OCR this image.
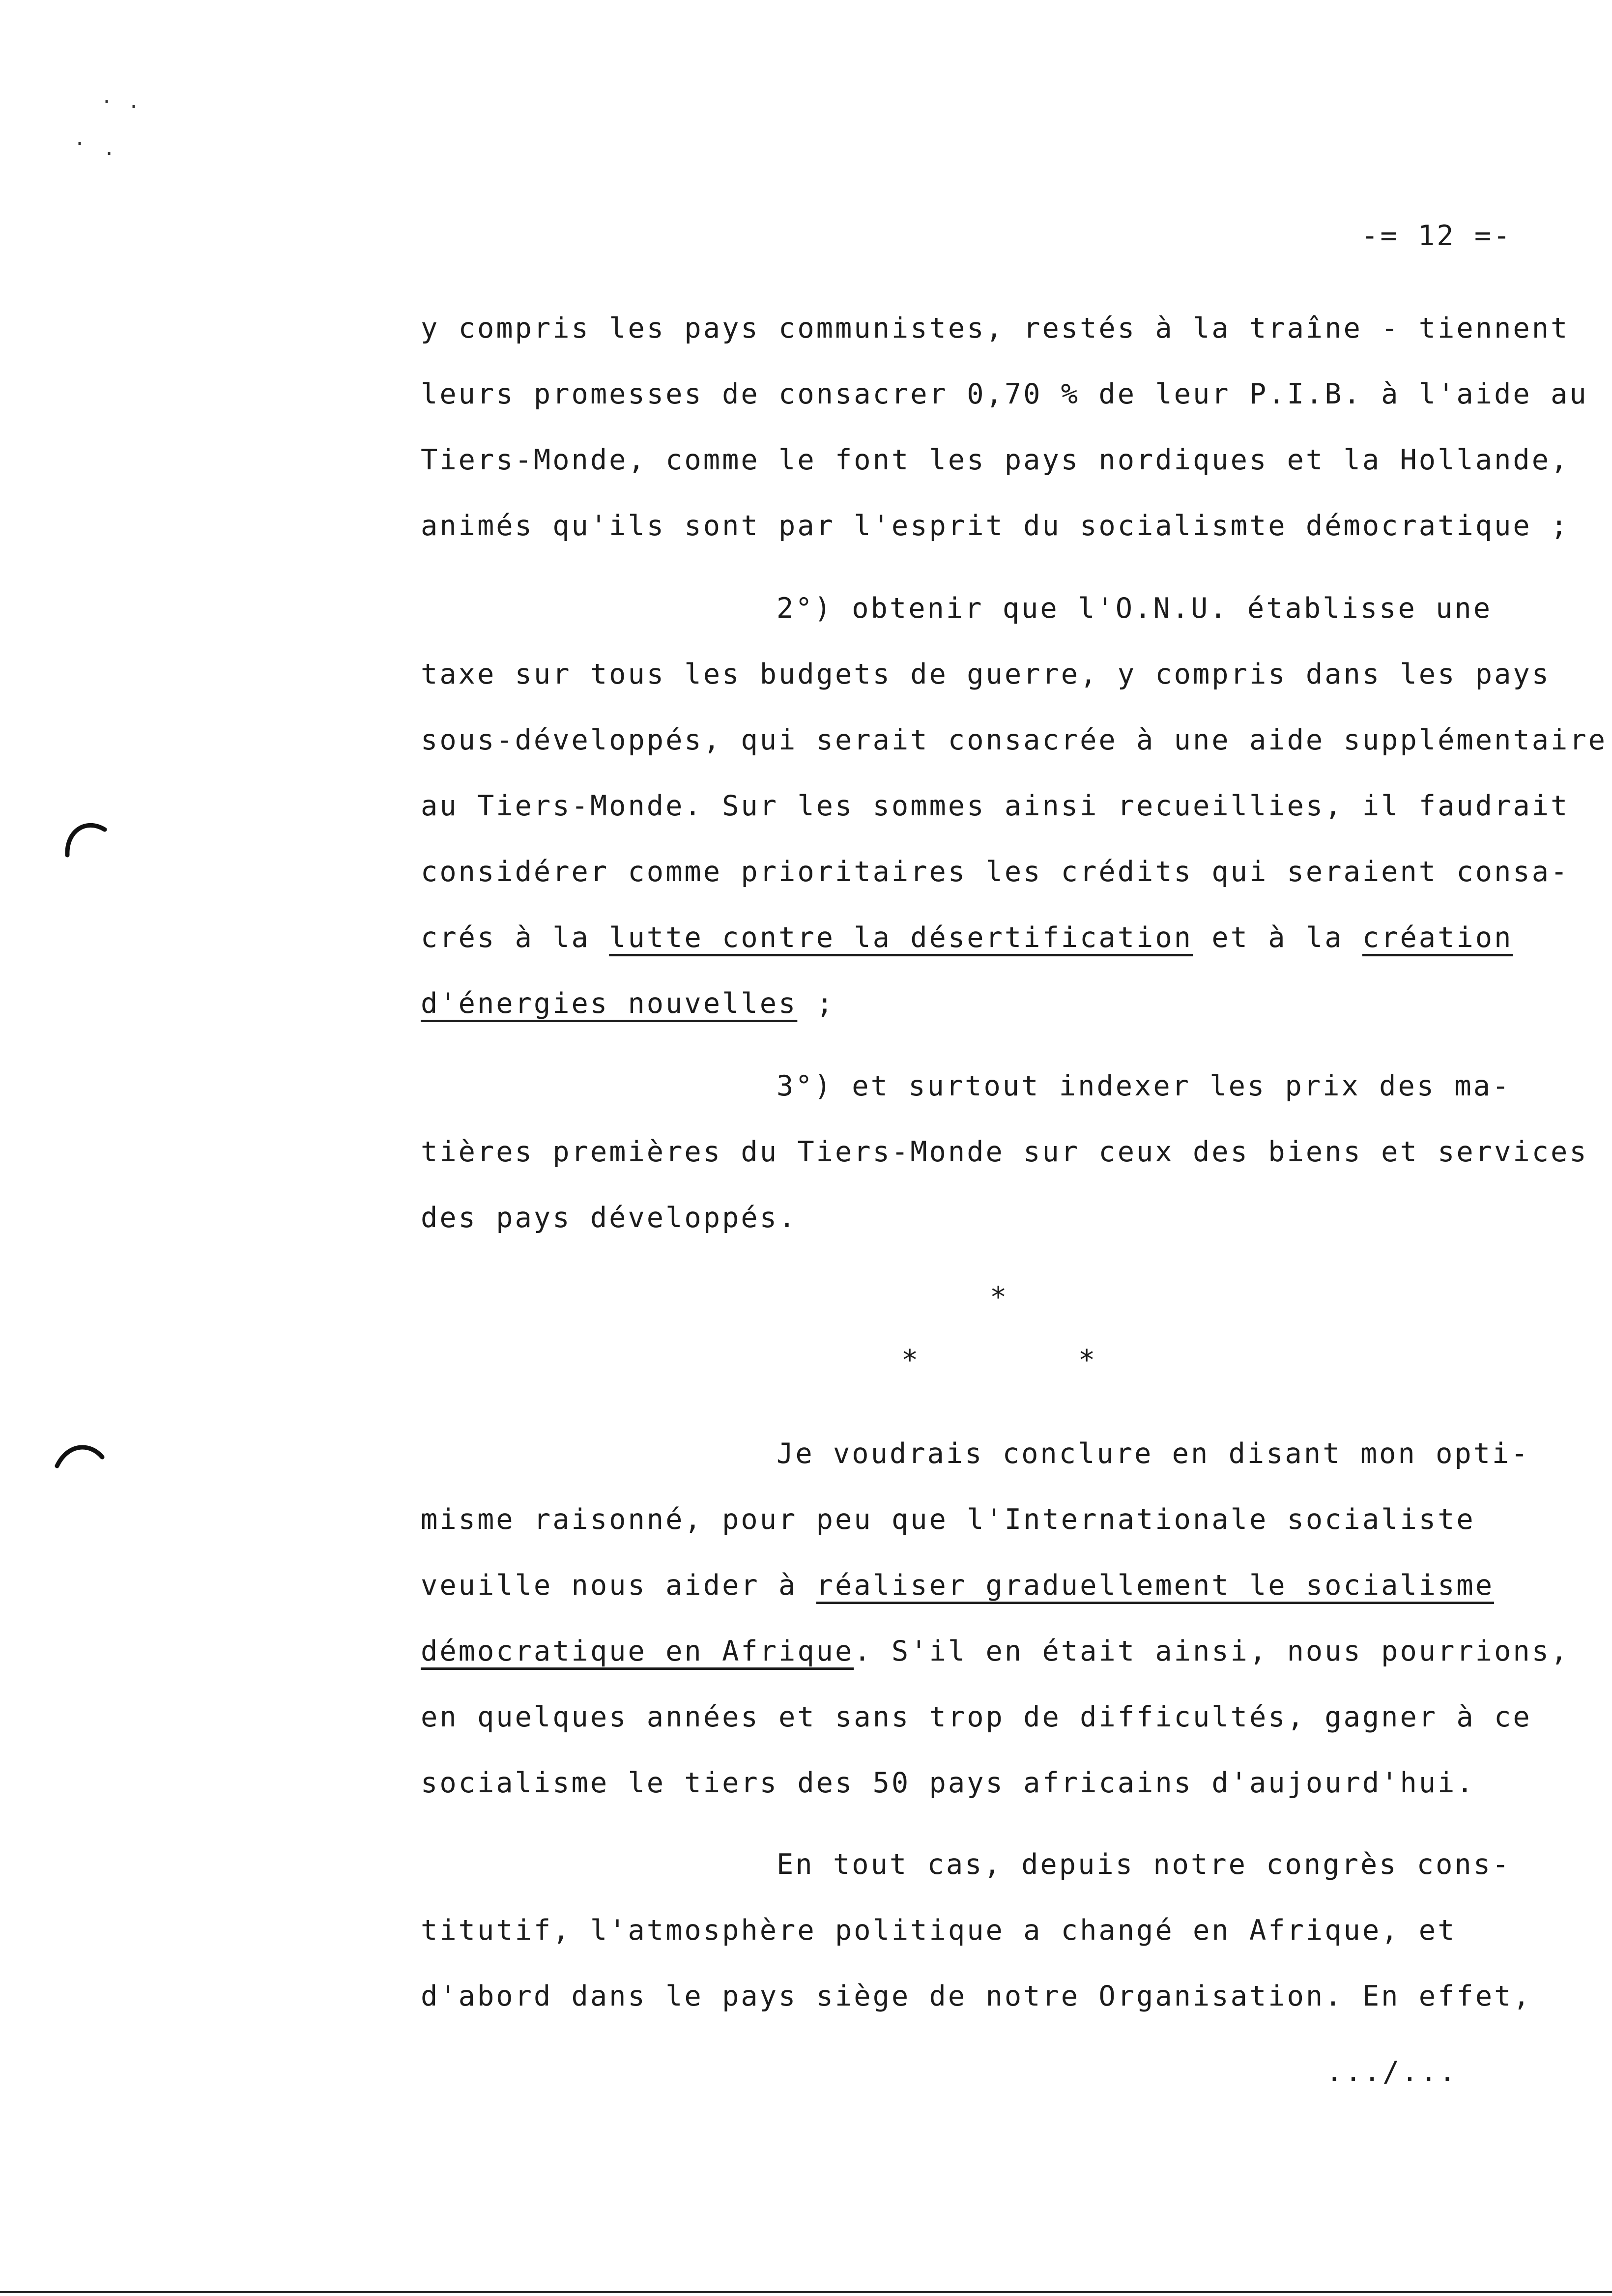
· ·
· ·
-= 12 =-
y compris les pays communistes, restés à la traîne - tiennent
leurs promesses de consacrer 0,70 % de leur P.I.B. à l'aide au
Tiers-Monde, comme le font les pays nordiques et la Hollande,
animés qu'ils sont par l'esprit du socialismte démocratique ;
2°) obtenir que l'O.N.U. établisse une
taxe sur tous les budgets de guerre, y compris dans les pays
sous-développés, qui serait consacrée à une aide supplémentaire
au Tiers-Monde. Sur les sommes ainsi recueillies, il faudrait
considérer comme prioritaires les crédits qui seraient consa-
crés à la lutte contre la désertification et à la création
d'énergies nouvelles ;
3°) et surtout indexer les prix des ma-
tières premières du Tiers-Monde sur ceux des biens et services
des pays développés.
*
*	*
Je voudrais conclure en disant mon opti-
misme raisonné, pour peu que l'Internationale socialiste
veuille nous aider à réaliser graduellement le socialisme
démocratique en Afrique. S'il en était ainsi, nous pourrions,
en quelques années et sans trop de difficultés, gagner à ce
socialisme le tiers des 50 pays africains d'aujourd'hui.
En tout cas, depuis notre congrès cons-
titutif, l'atmosphère politique a changé en Afrique, et
d'abord dans le pays siège de notre Organisation. En effet,
.../...
